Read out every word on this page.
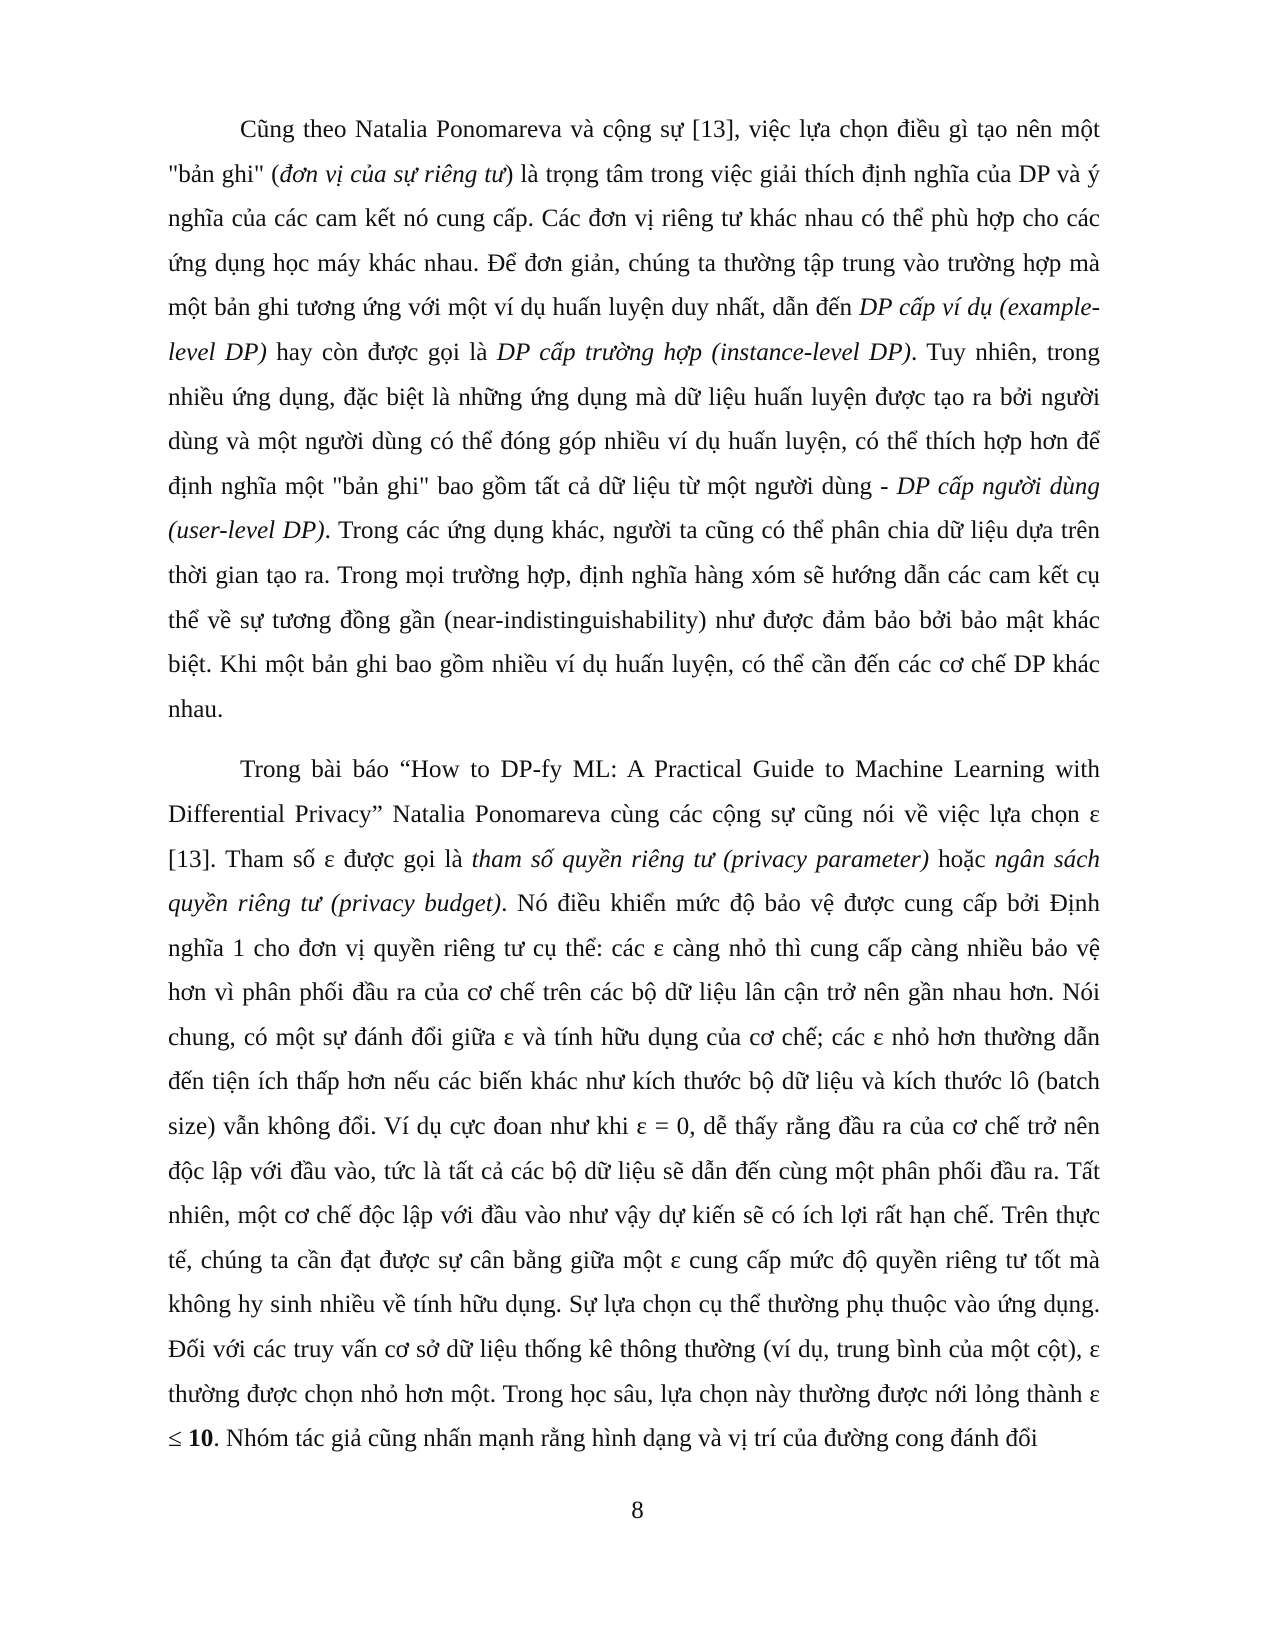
Cũng theo Natalia Ponomareva và cộng sự [13], việc lựa chọn điều gì tạo nên một "bản ghi" (đơn vị của sự riêng tư) là trọng tâm trong việc giải thích định nghĩa của DP và ý nghĩa của các cam kết nó cung cấp. Các đơn vị riêng tư khác nhau có thể phù hợp cho các ứng dụng học máy khác nhau. Để đơn giản, chúng ta thường tập trung vào trường hợp mà một bản ghi tương ứng với một ví dụ huấn luyện duy nhất, dẫn đến DP cấp ví dụ (example-level DP) hay còn được gọi là DP cấp trường hợp (instance-level DP). Tuy nhiên, trong nhiều ứng dụng, đặc biệt là những ứng dụng mà dữ liệu huấn luyện được tạo ra bởi người dùng và một người dùng có thể đóng góp nhiều ví dụ huấn luyện, có thể thích hợp hơn để định nghĩa một "bản ghi" bao gồm tất cả dữ liệu từ một người dùng - DP cấp người dùng (user-level DP). Trong các ứng dụng khác, người ta cũng có thể phân chia dữ liệu dựa trên thời gian tạo ra. Trong mọi trường hợp, định nghĩa hàng xóm sẽ hướng dẫn các cam kết cụ thể về sự tương đồng gần (near-indistinguishability) như được đảm bảo bởi bảo mật khác biệt. Khi một bản ghi bao gồm nhiều ví dụ huấn luyện, có thể cần đến các cơ chế DP khác nhau.

Trong bài báo “How to DP-fy ML: A Practical Guide to Machine Learning with Differential Privacy” Natalia Ponomareva cùng các cộng sự cũng nói về việc lựa chọn ε [13]. Tham số ε được gọi là tham số quyền riêng tư (privacy parameter) hoặc ngân sách quyền riêng tư (privacy budget). Nó điều khiển mức độ bảo vệ được cung cấp bởi Định nghĩa 1 cho đơn vị quyền riêng tư cụ thể: các ε càng nhỏ thì cung cấp càng nhiều bảo vệ hơn vì phân phối đầu ra của cơ chế trên các bộ dữ liệu lân cận trở nên gần nhau hơn. Nói chung, có một sự đánh đổi giữa ε và tính hữu dụng của cơ chế; các ε nhỏ hơn thường dẫn đến tiện ích thấp hơn nếu các biến khác như kích thước bộ dữ liệu và kích thước lô (batch size) vẫn không đổi. Ví dụ cực đoan như khi ε = 0, dễ thấy rằng đầu ra của cơ chế trở nên độc lập với đầu vào, tức là tất cả các bộ dữ liệu sẽ dẫn đến cùng một phân phối đầu ra. Tất nhiên, một cơ chế độc lập với đầu vào như vậy dự kiến sẽ có ích lợi rất hạn chế. Trên thực tế, chúng ta cần đạt được sự cân bằng giữa một ε cung cấp mức độ quyền riêng tư tốt mà không hy sinh nhiều về tính hữu dụng. Sự lựa chọn cụ thể thường phụ thuộc vào ứng dụng. Đối với các truy vấn cơ sở dữ liệu thống kê thông thường (ví dụ, trung bình của một cột), ε thường được chọn nhỏ hơn một. Trong học sâu, lựa chọn này thường được nới lỏng thành ε ≤ 10. Nhóm tác giả cũng nhấn mạnh rằng hình dạng và vị trí của đường cong đánh đổi

8
